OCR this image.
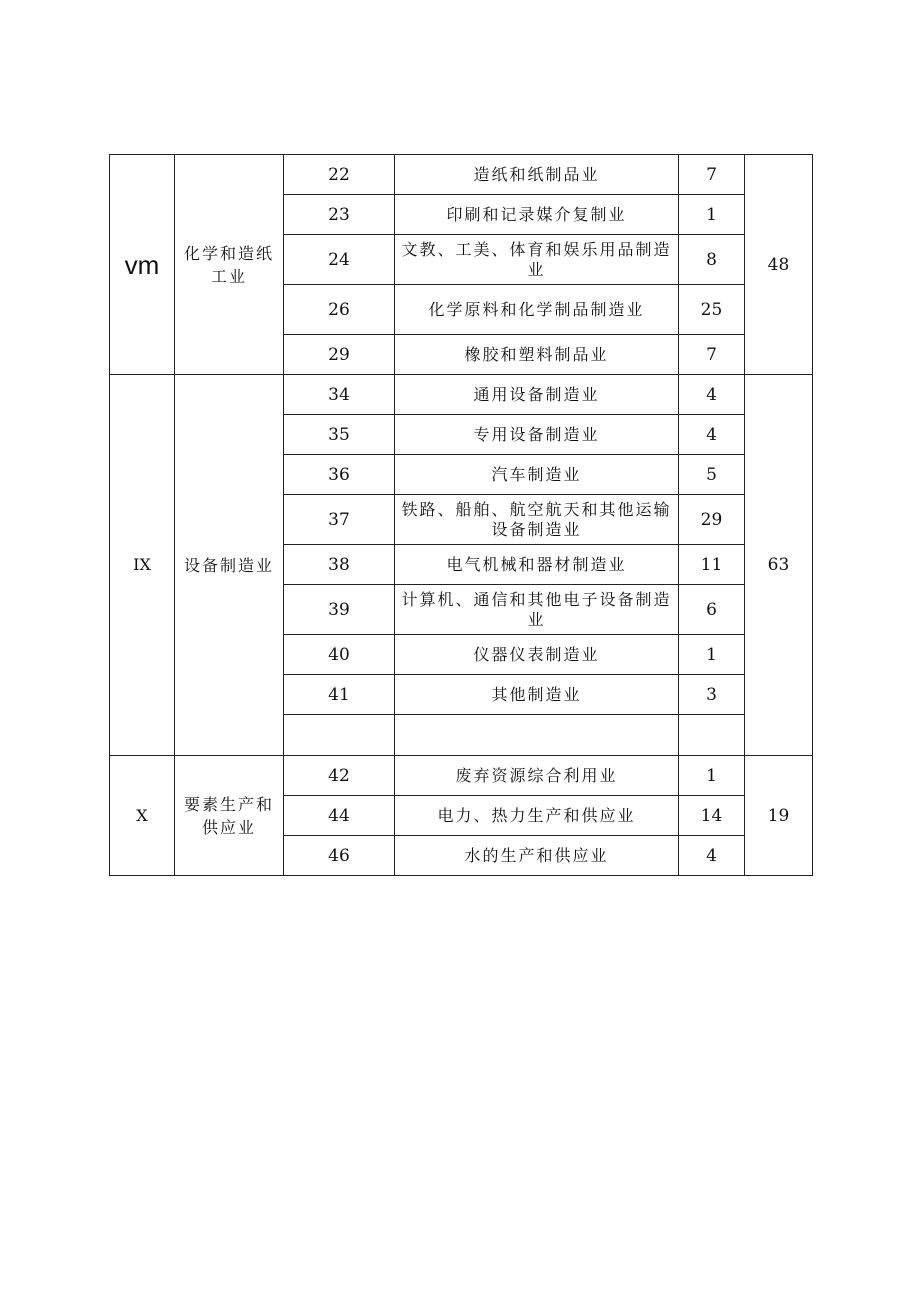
vm	化学和造纸工业	22	造纸和纸制品业	7	48
		23	印刷和记录媒介复制业	1	
		24	文教、工美、体育和娱乐用品制造业	8	
		26	化学原料和化学制品制造业	25	
		29	橡胶和塑料制品业	7	
IX	设备制造业	34	通用设备制造业	4	63
		35	专用设备制造业	4	
		36	汽车制造业	5	
		37	铁路、船舶、航空航天和其他运输设备制造业	29	
		38	电气机械和器材制造业	11	
		39	计算机、通信和其他电子设备制造业	6	
		40	仪器仪表制造业	1	
		41	其他制造业	3	

X	要素生产和供应业	42	废弃资源综合利用业	1	19
		44	电力、热力生产和供应业	14	
		46	水的生产和供应业	4	
